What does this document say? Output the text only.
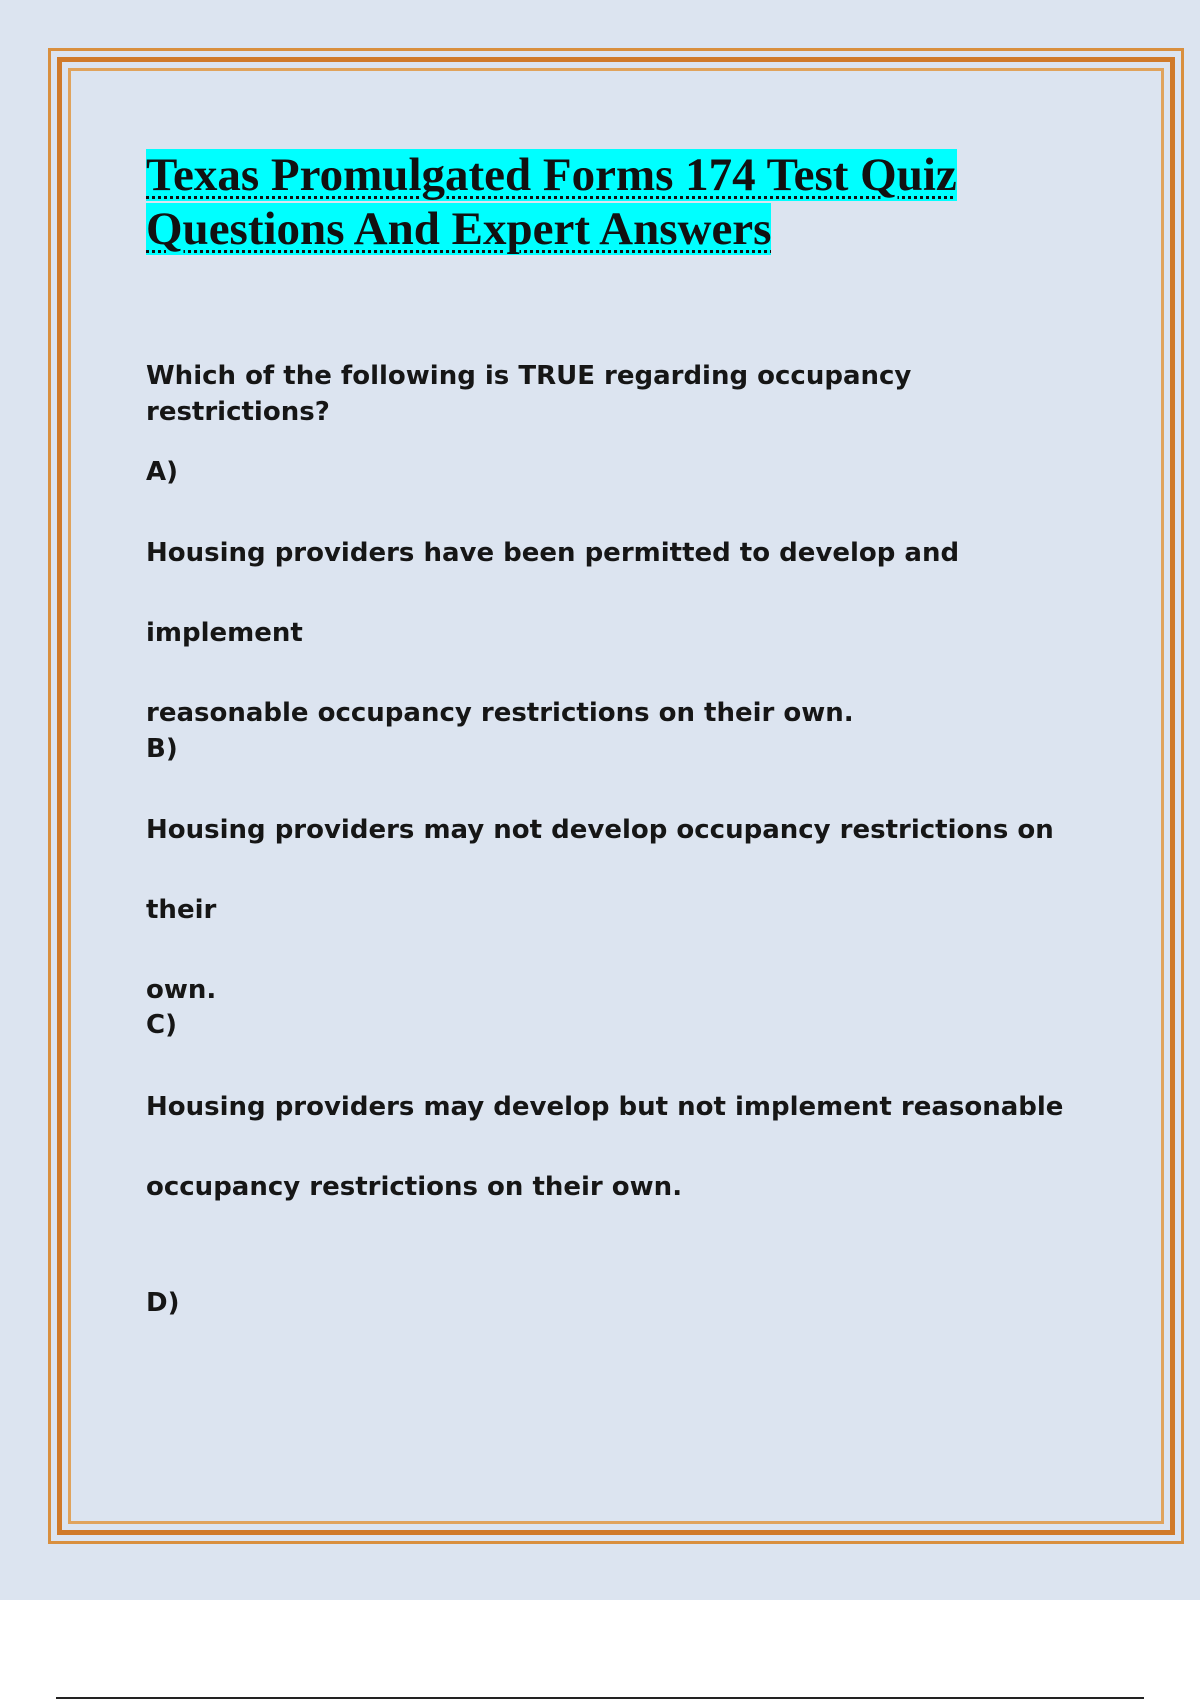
Texas Promulgated Forms 174 Test Quiz
Questions And Expert Answers

Which of the following is TRUE regarding occupancy restrictions?

A)

Housing providers have been permitted to develop and implement

reasonable occupancy restrictions on their own.

B)

Housing providers may not develop occupancy restrictions on their

own.

C)

Housing providers may develop but not implement reasonable

occupancy restrictions on their own.

D)
